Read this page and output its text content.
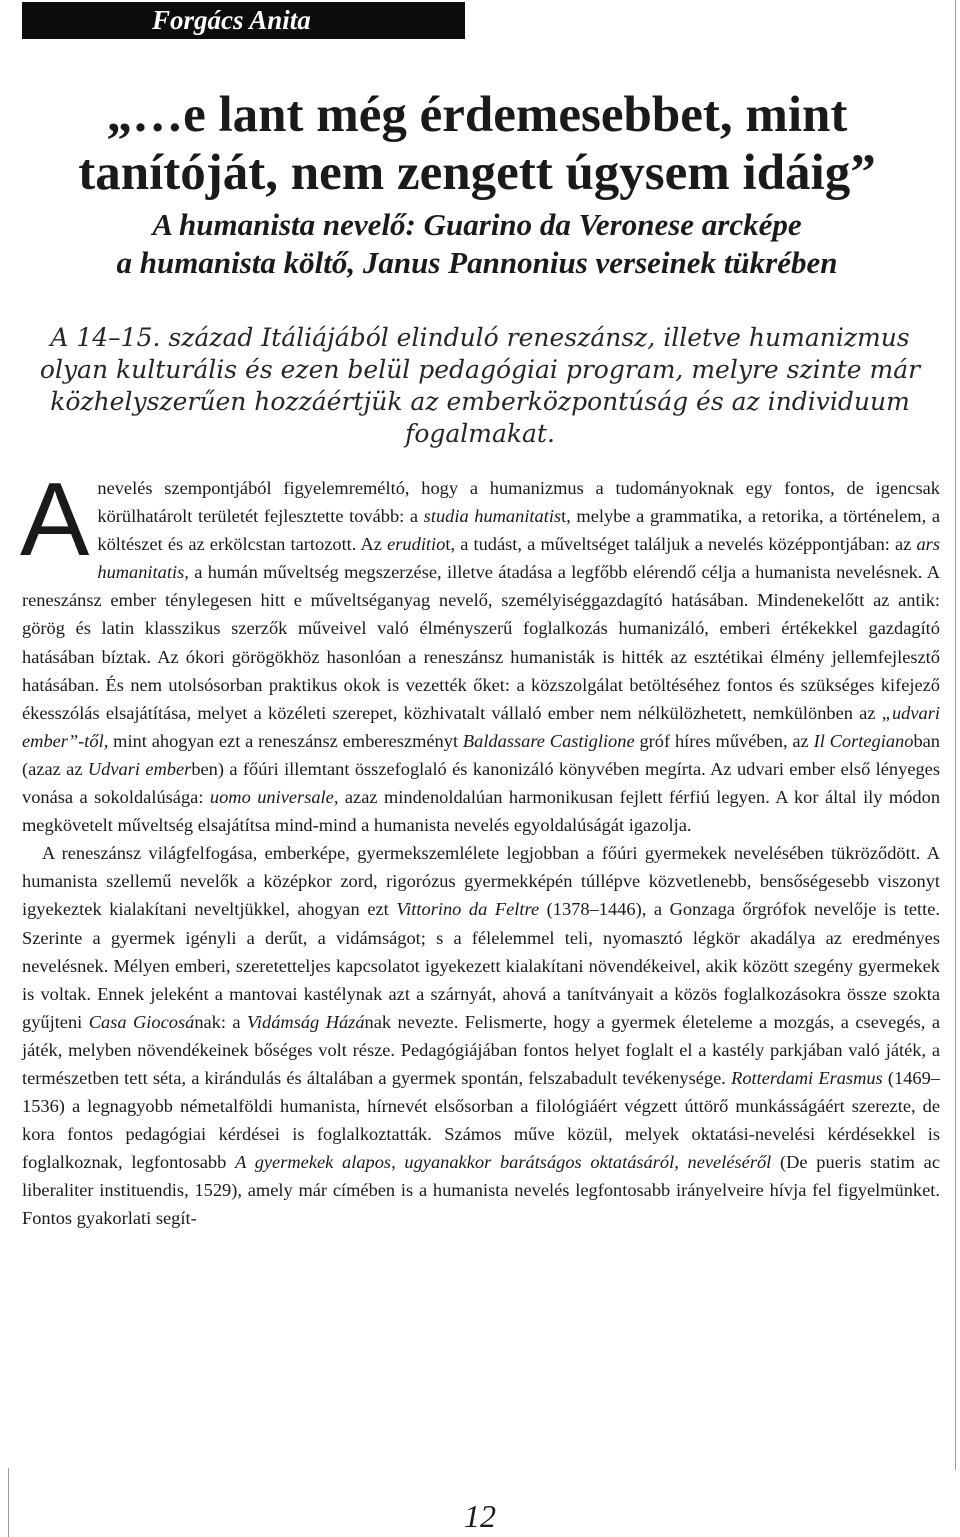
Forgács Anita
„…e lant még érdemesebbet, mint tanítóját, nem zengett úgysem idáig”
A humanista nevelő: Guarino da Veronese arcképe
a humanista költő, Janus Pannonius verseinek tükrében

A 14–15. század Itáliájából elinduló reneszánsz, illetve humanizmus olyan kulturális és ezen belül pedagógiai program, melyre szinte már közhelyszerűen hozzáértjük az emberközpontúság és az individuum fogalmakat.

A nevelés szempontjából figyelemreméltó, hogy a humanizmus a tudományoknak egy fontos, de igencsak körülhatárolt területét fejlesztette tovább: a studia humanitatist, melybe a grammatika, a retorika, a történelem, a költészet és az erkölcstan tartozott. Az eruditiot, a tudást, a műveltséget találjuk a nevelés középpontjában: az ars humanitatis, a humán műveltség megszerzése, illetve átadása a legfőbb elérendő célja a humanista nevelésnek. A reneszánsz ember ténylegesen hitt e műveltséganyag nevelő, személyiséggazdagító hatásában. Mindenekelőtt az antik: görög és latin klasszikus szerzők műveivel való élményszerű foglalkozás humanizáló, emberi értékekkel gazdagító hatásában bíztak. Az ókori görögökhöz hasonlóan a reneszánsz humanisták is hitték az esztétikai élmény jellemfejlesztő hatásában. És nem utolsósorban praktikus okok is vezették őket: a közszolgálat betöltéséhez fontos és szükséges kifejező ékesszólás elsajátítása, melyet a közéleti szerepet, közhivatalt vállaló ember nem nélkülözhetett, nemkülönben az „udvari ember”-től, mint ahogyan ezt a reneszánsz embereszményt Baldassare Castiglione gróf híres művében, az Il Cortegianoban (azaz az Udvari emberben) a főúri illemtant összefoglaló és kanonizáló könyvében megírta. Az udvari ember első lényeges vonása a sokoldalúsága: uomo universale, azaz mindenoldalúan harmonikusan fejlett férfiú legyen. A kor által ily módon megkövetelt műveltség elsajátítsa mind-mind a humanista nevelés egyoldalúságát igazolja.

A reneszánsz világfelfogása, emberképe, gyermekszemlélete legjobban a főúri gyermekek nevelésében tükröződött. A humanista szellemű nevelők a középkor zord, rigorózus gyermekképén túllépve közvetlenebb, bensőségesebb viszonyt igyekeztek kialakítani neveltjükkel, ahogyan ezt Vittorino da Feltre (1378–1446), a Gonzaga őrgrófok nevelője is tette. Szerinte a gyermek igényli a derűt, a vidámságot; s a félelemmel teli, nyomasztó légkör akadálya az eredményes nevelésnek. Mélyen emberi, szeretetteljes kapcsolatot igyekezett kialakítani növendékeivel, akik között szegény gyermekek is voltak. Ennek jeleként a mantovai kastélynak azt a szárnyát, ahová a tanítványait a közös foglalkozásokra össze szokta gyűjteni Casa Giocosának: a Vidámság Házának nevezte. Felismerte, hogy a gyermek életeleme a mozgás, a csevegés, a játék, melyben növendékeinek bőséges volt része. Pedagógiájában fontos helyet foglalt el a kastély parkjában való játék, a természetben tett séta, a kirándulás és általában a gyermek spontán, felszabadult tevékenysége. Rotterdami Erasmus (1469–1536) a legnagyobb németalföldi humanista, hírnevét elsősorban a filológiáért végzett úttörő munkásságáért szerezte, de kora fontos pedagógiai kérdései is foglalkoztatták. Számos műve közül, melyek oktatási-nevelési kérdésekkel is foglalkoznak, legfontosabb A gyermekek alapos, ugyanakkor barátságos oktatásáról, neveléséről (De pueris statim ac liberaliter instituendis, 1529), amely már címében is a humanista nevelés legfontosabb irányelveire hívja fel figyelmünket. Fontos gyakorlati segít-

12
